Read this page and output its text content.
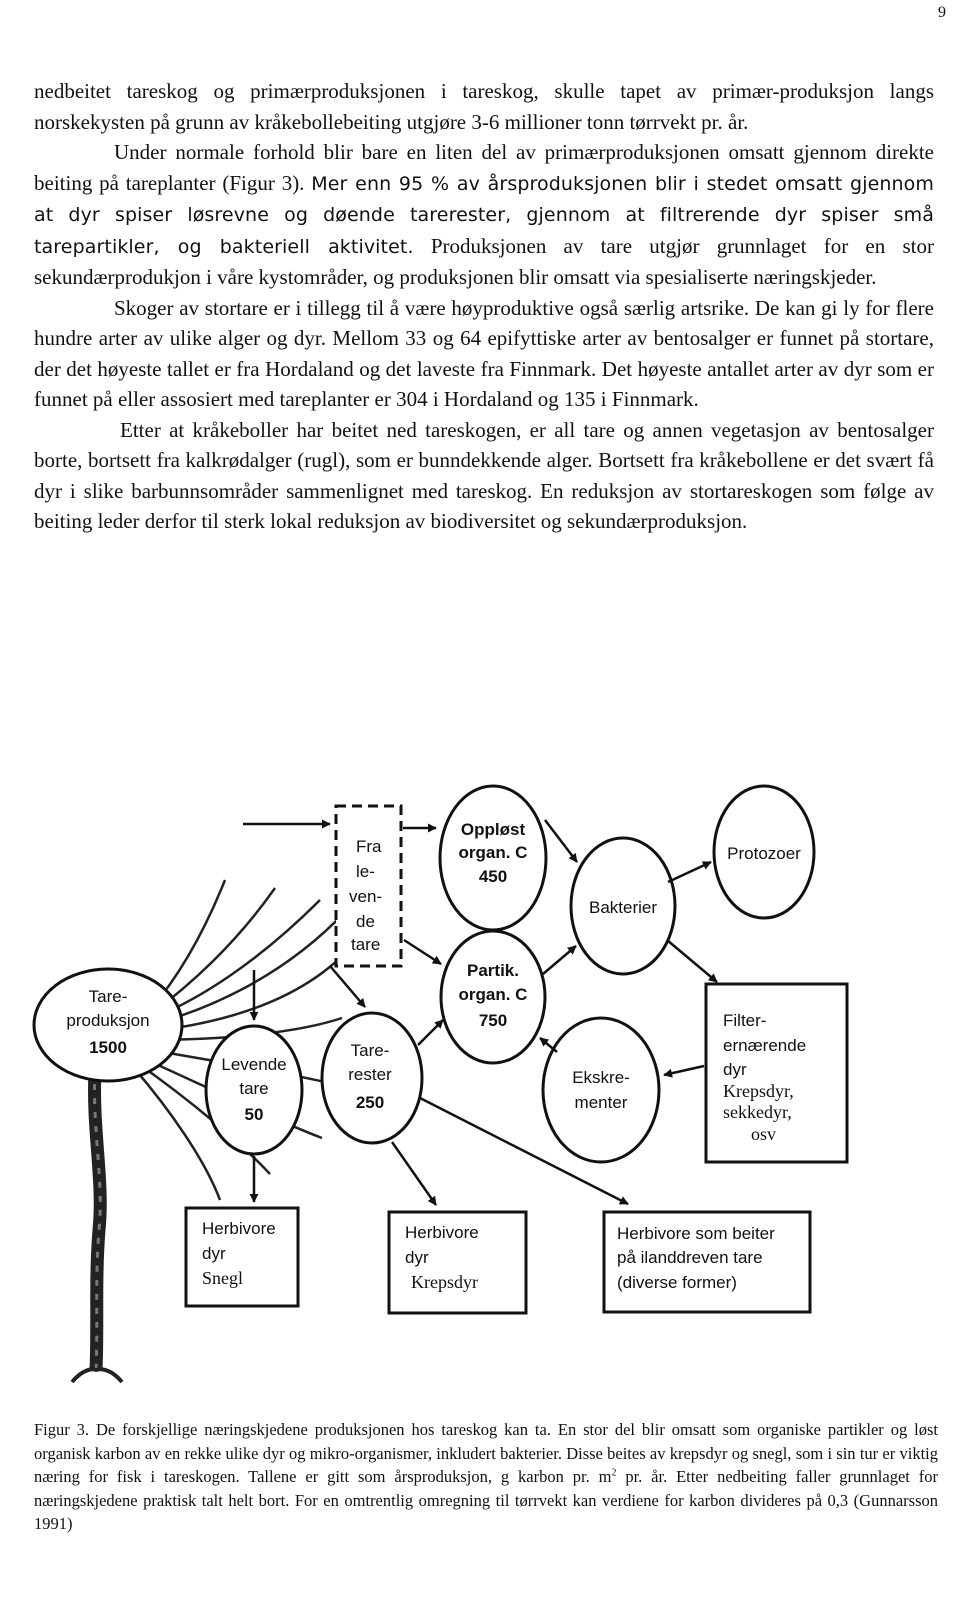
9

nedbeitet tareskog og primærproduksjonen i tareskog, skulle tapet av primær-produksjon langs norskekysten på grunn av kråkebollebeiting utgjøre 3-6 millioner tonn tørrvekt pr. år.

Under normale forhold blir bare en liten del av primærproduksjonen omsatt gjennom direkte beiting på tareplanter (Figur 3). Mer enn 95 % av årsproduksjonen blir i stedet omsatt gjennom at dyr spiser løsrevne og døende tarerester, gjennom at filtrerende dyr spiser små tarepartikler, og bakteriell aktivitet. Produksjonen av tare utgjør grunnlaget for en stor sekundærprodukjon i våre kystområder, og produksjonen blir omsatt via spesialiserte næringskjeder.

Skoger av stortare er i tillegg til å være høyproduktive også særlig artsrike. De kan gi ly for flere hundre arter av ulike alger og dyr. Mellom 33 og 64 epifyttiske arter av bentosalger er funnet på stortare, der det høyeste tallet er fra Hordaland og det laveste fra Finnmark. Det høyeste antallet arter av dyr som er funnet på eller assosiert med tareplanter er 304 i Hordaland og 135 i Finnmark.

Etter at kråkeboller har beitet ned tareskogen, er all tare og annen vegetasjon av bentosalger borte, bortsett fra kalkrødalger (rugl), som er bunndekkende alger. Bortsett fra kråkebollene er det svært få dyr i slike barbunnsområder sammenlignet med tareskog. En reduksjon av stortareskogen som følge av beiting leder derfor til sterk lokal reduksjon av biodiversitet og sekundærproduksjon.

Fra
le-
ven-
de
tare
Oppløst
organ. C
450
Protozoer
Bakterier
Partik.
organ. C
750
Tare-
produksjon
1500
Levende
tare
50
Tare-
rester
250
Ekskre-
menter
Filter-
ernærende
dyr
Krepsdyr,
sekkedyr,
osv
Herbivore
dyr
Snegl
Herbivore
dyr
Krepsdyr
Herbivore som beiter
på ilanddreven tare
(diverse former)

Figur 3. De forskjellige næringskjedene produksjonen hos tareskog kan ta. En stor del blir omsatt som organiske partikler og løst organisk karbon av en rekke ulike dyr og mikro-organismer, inkludert bakterier. Disse beites av krepsdyr og snegl, som i sin tur er viktig næring for fisk i tareskogen. Tallene er gitt som årsproduksjon, g karbon pr. $m^2$ pr. år. Etter nedbeiting faller grunnlaget for næringskjedene praktisk talt helt bort. For en omtrentlig omregning til tørrvekt kan verdiene for karbon divideres på 0,3 (Gunnarsson 1991)
